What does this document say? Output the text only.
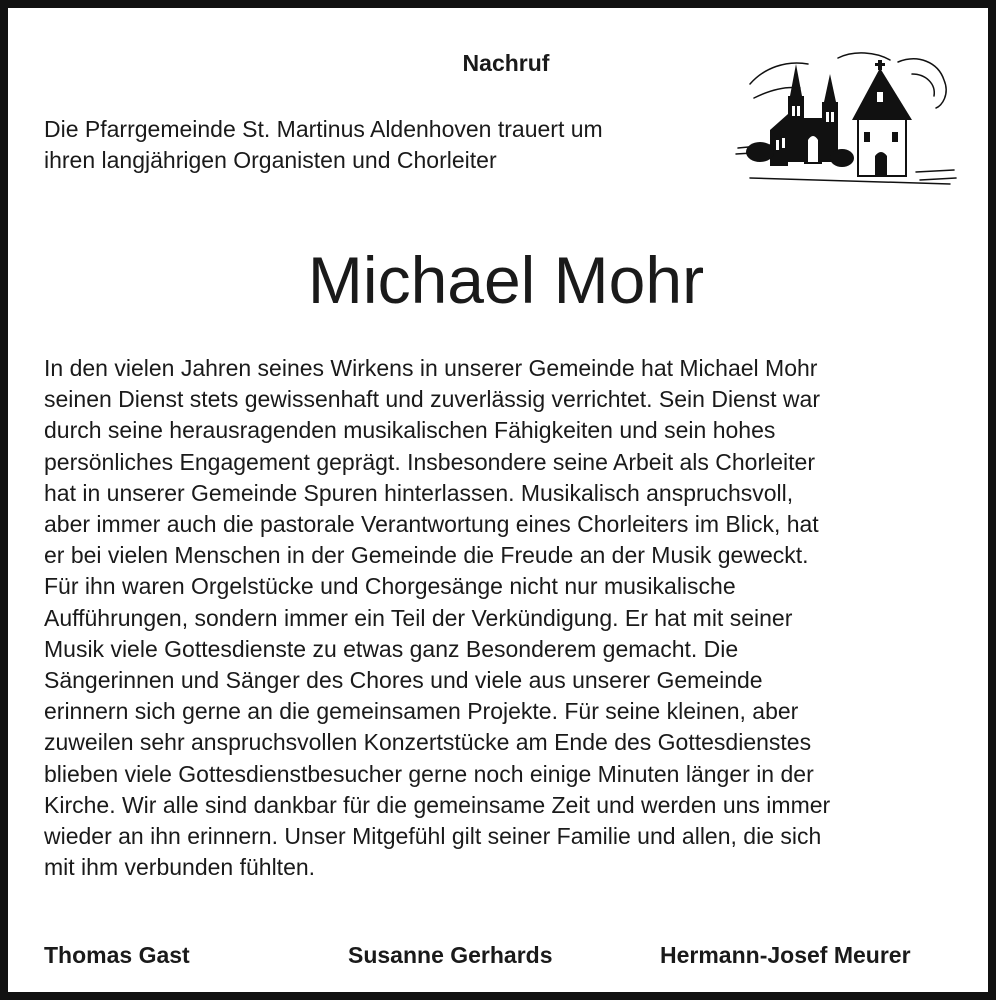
Nachruf
Die Pfarrgemeinde St. Martinus Aldenhoven trauert um
ihren langjährigen Organisten und Chorleiter
Michael Mohr
In den vielen Jahren seines Wirkens in unserer Gemeinde hat Michael Mohr
seinen Dienst stets gewissenhaft und zuverlässig verrichtet. Sein Dienst war
durch seine herausragenden musikalischen Fähigkeiten und sein hohes
persönliches Engagement geprägt. Insbesondere seine Arbeit als Chorleiter
hat in unserer Gemeinde Spuren hinterlassen. Musikalisch anspruchsvoll,
aber immer auch die pastorale Verantwortung eines Chorleiters im Blick, hat
er bei vielen Menschen in der Gemeinde die Freude an der Musik geweckt.
Für ihn waren Orgelstücke und Chorgesänge nicht nur musikalische
Aufführungen, sondern immer ein Teil der Verkündigung. Er hat mit seiner
Musik viele Gottesdienste zu etwas ganz Besonderem gemacht. Die
Sängerinnen und Sänger des Chores und viele aus unserer Gemeinde
erinnern sich gerne an die gemeinsamen Projekte. Für seine kleinen, aber
zuweilen sehr anspruchsvollen Konzertstücke am Ende des Gottesdienstes
blieben viele Gottesdienstbesucher gerne noch einige Minuten länger in der
Kirche. Wir alle sind dankbar für die gemeinsame Zeit und werden uns immer
wieder an ihn erinnern. Unser Mitgefühl gilt seiner Familie und allen, die sich
mit ihm verbunden fühlten.
Thomas Gast	Susanne Gerhards	Hermann-Josef Meurer
